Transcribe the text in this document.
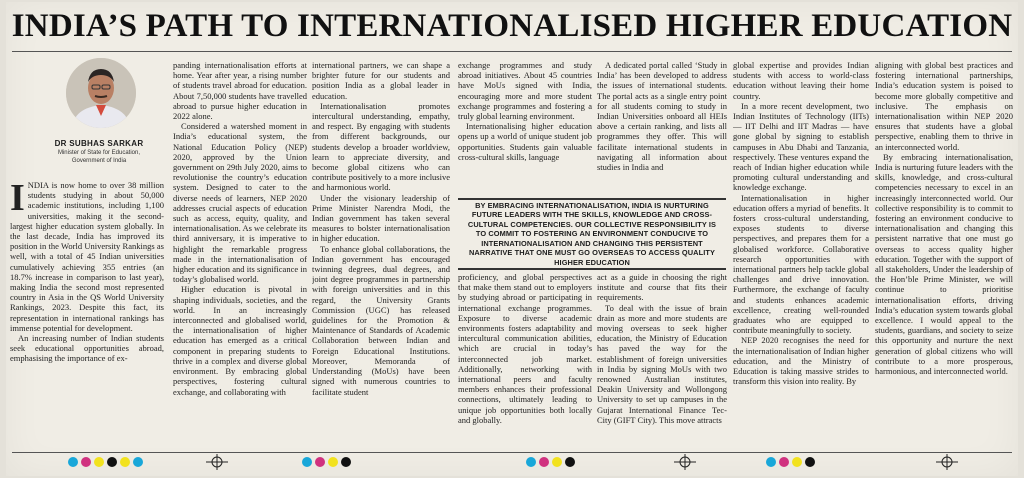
INDIA’S PATH TO INTERNATIONALISED HIGHER EDUCATION
DR SUBHAS SARKAR
Minister of State for Education, Government of India
I NDIA is now home to over 38 million students studying in about 50,000 academic institutions, including 1,100 universities, making it the second-largest higher education system globally. In the last decade, India has improved its position in the World University Rankings as well, with a total of 45 Indian universities cumulatively achieving 355 entries (an 18.7% increase in comparison to last year), making India the second most represented country in Asia in the QS World University Rankings, 2023. Despite this fact, its representation in international rankings has immense potential for development.

An increasing number of Indian students seek educational opportunities abroad, emphasising the importance of ex-

panding internationalisation efforts at home. Year after year, a rising number of students travel abroad for education. About 7,50,000 students have travelled abroad to pursue higher education in 2022 alone.

Considered a watershed moment in India’s educational system, the National Education Policy (NEP) 2020, approved by the Union government on 29th July 2020, aims to revolutionise the country’s education system. Designed to cater to the diverse needs of learners, NEP 2020 addresses crucial aspects of education such as access, equity, quality, and internationalisation. As we celebrate its third anniversary, it is imperative to highlight the remarkable progress made in the internationalisation of higher education and its significance in today’s globalised world.

Higher education is pivotal in shaping individuals, societies, and the world. In an increasingly interconnected and globalised world, the internationalisation of higher education has emerged as a critical component in preparing students to thrive in a complex and diverse global environment. By embracing global perspectives, fostering cultural exchange, and collaborating with

international partners, we can shape a brighter future for our students and position India as a global leader in education.

Internationalisation promotes intercultural understanding, empathy, and respect. By engaging with students from different backgrounds, our students develop a broader worldview, learn to appreciate diversity, and become global citizens who can contribute positively to a more inclusive and harmonious world.

Under the visionary leadership of Prime Minister Narendra Modi, the Indian government has taken several measures to bolster internationalisation in higher education.

To enhance global collaborations, the Indian government has encouraged twinning degrees, dual degrees, and joint degree programmes in partnership with foreign universities and in this regard, the University Grants Commission (UGC) has released guidelines for the Promotion & Maintenance of Standards of Academic Collaboration between Indian and Foreign Educational Institutions. Moreover, Memoranda of Understanding (MoUs) have been signed with numerous countries to facilitate student

exchange programmes and study abroad initiatives. About 45 countries have MoUs signed with India, encouraging more and more student exchange programmes and fostering a truly global learning environment.

Internationalising higher education opens up a world of unique student job opportunities. Students gain valuable cross-cultural skills, language

A dedicated portal called ‘Study in India’ has been developed to address the issues of international students. The portal acts as a single entry point for all students coming to study in Indian Universities onboard all HEIs above a certain ranking, and lists all programmes they offer. This will facilitate international students in navigating all information about studies in India and

BY EMBRACING INTERNATIONALISATION, INDIA IS NURTURING FUTURE LEADERS WITH THE SKILLS, KNOWLEDGE AND CROSS-CULTURAL COMPETENCIES. OUR COLLECTIVE RESPONSIBILITY IS TO COMMIT TO FOSTERING AN ENVIRONMENT CONDUCIVE TO INTERNATIONALISATION AND CHANGING THIS PERSISTENT NARRATIVE THAT ONE MUST GO OVERSEAS TO ACCESS QUALITY HIGHER EDUCATION

proficiency, and global perspectives that make them stand out to employers by studying abroad or participating in international exchange programmes. Exposure to diverse academic environments fosters adaptability and intercultural communication abilities, which are crucial in today’s interconnected job market. Additionally, networking with international peers and faculty members enhances their professional connections, ultimately leading to unique job opportunities both locally and globally.

act as a guide in choosing the right institute and course that fits their requirements.

To deal with the issue of brain drain as more and more students are moving overseas to seek higher education, the Ministry of Education has paved the way for the establishment of foreign universities in India by signing MoUs with two renowned Australian institutes, Deakin University and Wollongong University to set up campuses in the Gujarat International Finance Tec-City (GIFT City). This move attracts

global expertise and provides Indian students with access to world-class education without leaving their home country.

In a more recent development, two Indian Institutes of Technology (IITs) — IIT Delhi and IIT Madras — have gone global by signing to establish campuses in Abu Dhabi and Tanzania, respectively. These ventures expand the reach of Indian higher education while promoting cultural understanding and knowledge exchange.

Internationalisation in higher education offers a myriad of benefits. It fosters cross-cultural understanding, exposes students to diverse perspectives, and prepares them for a globalised workforce. Collaborative research opportunities with international partners help tackle global challenges and drive innovation. Furthermore, the exchange of faculty and students enhances academic excellence, creating well-rounded graduates who are equipped to contribute meaningfully to society.

NEP 2020 recognises the need for the internationalisation of Indian higher education, and the Ministry of Education is taking massive strides to transform this vision into reality. By

aligning with global best practices and fostering international partnerships, India’s education system is poised to become more globally competitive and inclusive. The emphasis on internationalisation within NEP 2020 ensures that students have a global perspective, enabling them to thrive in an interconnected world.

By embracing internationalisation, India is nurturing future leaders with the skills, knowledge, and cross-cultural competencies necessary to excel in an increasingly interconnected world. Our collective responsibility is to commit to fostering an environment conducive to internationalisation and changing this persistent narrative that one must go overseas to access quality higher education. Together with the support of all stakeholders, Under the leadership of the Hon’ble Prime Minister, we will continue to prioritise internationalisation efforts, driving India’s education system towards global excellence. I would appeal to the students, guardians, and society to seize this opportunity and nurture the next generation of global citizens who will contribute to a more prosperous, harmonious, and interconnected world.
